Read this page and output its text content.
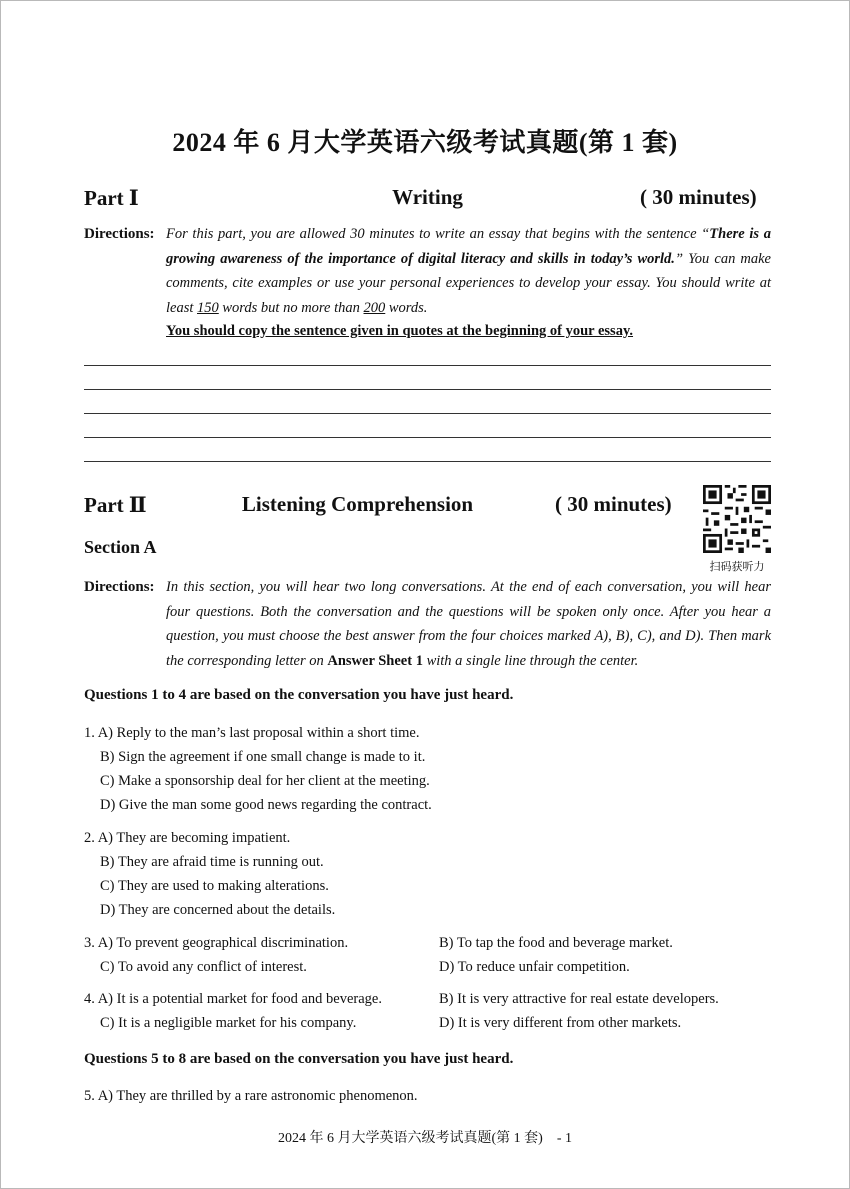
2024 年 6 月大学英语六级考试真题(第 1 套)
Part Ⅰ	Writing	( 30 minutes)
Directions: For this part, you are allowed 30 minutes to write an essay that begins with the sentence “There is a growing awareness of the importance of digital literacy and skills in today’s world.” You can make comments, cite examples or use your personal experiences to develop your essay. You should write at least 150 words but no more than 200 words.
You should copy the sentence given in quotes at the beginning of your essay.
Part Ⅱ	Listening Comprehension	( 30 minutes)
扫码获听力
Section A
Directions: In this section, you will hear two long conversations. At the end of each conversation, you will hear four questions. Both the conversation and the questions will be spoken only once. After you hear a question, you must choose the best answer from the four choices marked A), B), C), and D). Then mark the corresponding letter on Answer Sheet 1 with a single line through the center.
Questions 1 to 4 are based on the conversation you have just heard.
1. A) Reply to the man’s last proposal within a short time.
B) Sign the agreement if one small change is made to it.
C) Make a sponsorship deal for her client at the meeting.
D) Give the man some good news regarding the contract.
2. A) They are becoming impatient.
B) They are afraid time is running out.
C) They are used to making alterations.
D) They are concerned about the details.
3. A) To prevent geographical discrimination.	B) To tap the food and beverage market.
C) To avoid any conflict of interest.	D) To reduce unfair competition.
4. A) It is a potential market for food and beverage.	B) It is very attractive for real estate developers.
C) It is a negligible market for his company.	D) It is very different from other markets.
Questions 5 to 8 are based on the conversation you have just heard.
5. A) They are thrilled by a rare astronomic phenomenon.
2024 年 6 月大学英语六级考试真题(第 1 套)　- 1
